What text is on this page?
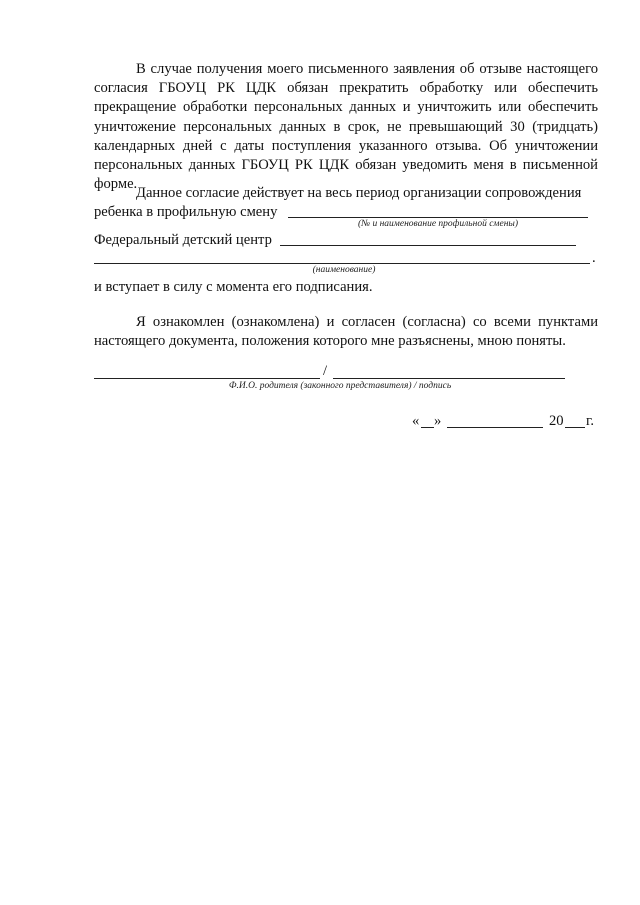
В случае получения моего письменного заявления об отзыве настоящего согласия ГБОУЦ РК ЦДК обязан прекратить обработку или обеспечить прекращение обработки персональных данных и уничтожить или обеспечить уничтожение персональных данных в срок, не превышающий 30 (тридцать) календарных дней с даты поступления указанного отзыва. Об уничтожении персональных данных ГБОУЦ РК ЦДК обязан уведомить меня в письменной форме.

Данное согласие действует на весь период организации сопровождения
ребенка в профильную смену
(№ и наименование профильной смены)
Федеральный детский центр
.
(наименование)
и вступает в силу с момента его подписания.

Я ознакомлен (ознакомлена) и согласен (согласна) со всеми пунктами настоящего документа, положения которого мне разъяснены, мною поняты.

/
Ф.И.О. родителя (законного представителя) / подпись
« »	20 г.
